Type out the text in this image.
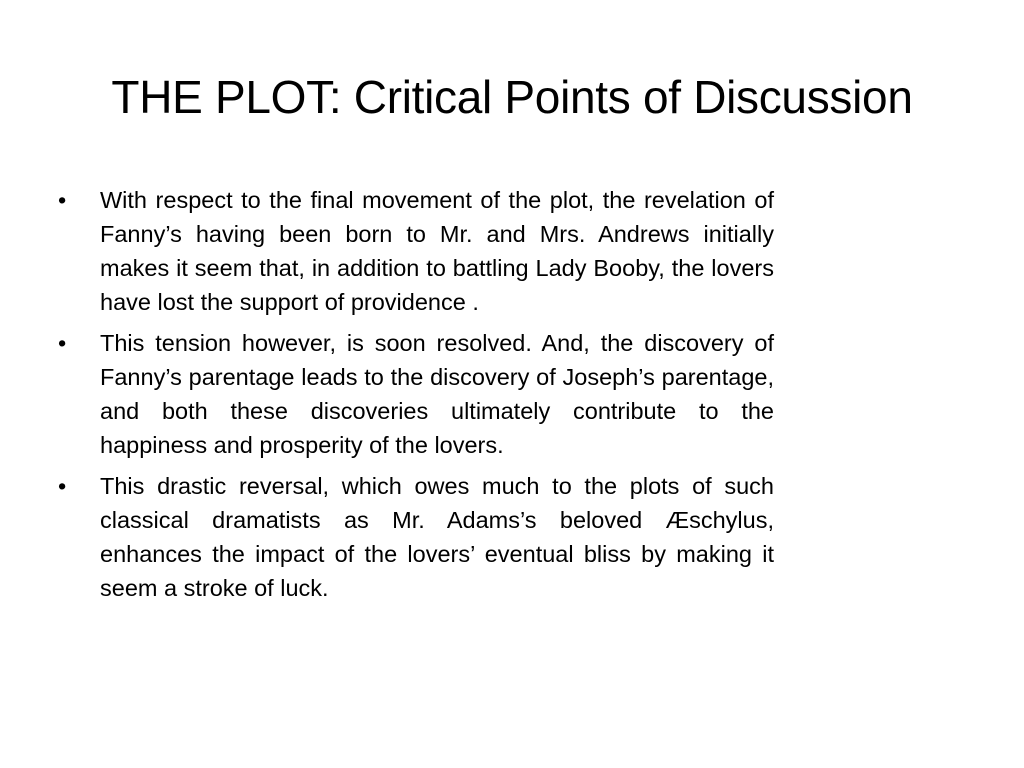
THE PLOT: Critical Points of Discussion
•	With respect to the final movement of the plot, the revelation of Fanny’s having been born to Mr. and Mrs. Andrews initially makes it seem that, in addition to battling Lady Booby, the lovers have lost the support of providence .
•	This tension however, is soon resolved. And, the discovery of Fanny’s parentage leads to the discovery of Joseph’s parentage, and both these discoveries ultimately contribute to the happiness and prosperity of the lovers.
•	This drastic reversal, which owes much to the plots of such classical dramatists as Mr. Adams’s beloved Æschylus, enhances the impact of the lovers’ eventual bliss by making it seem a stroke of luck.
